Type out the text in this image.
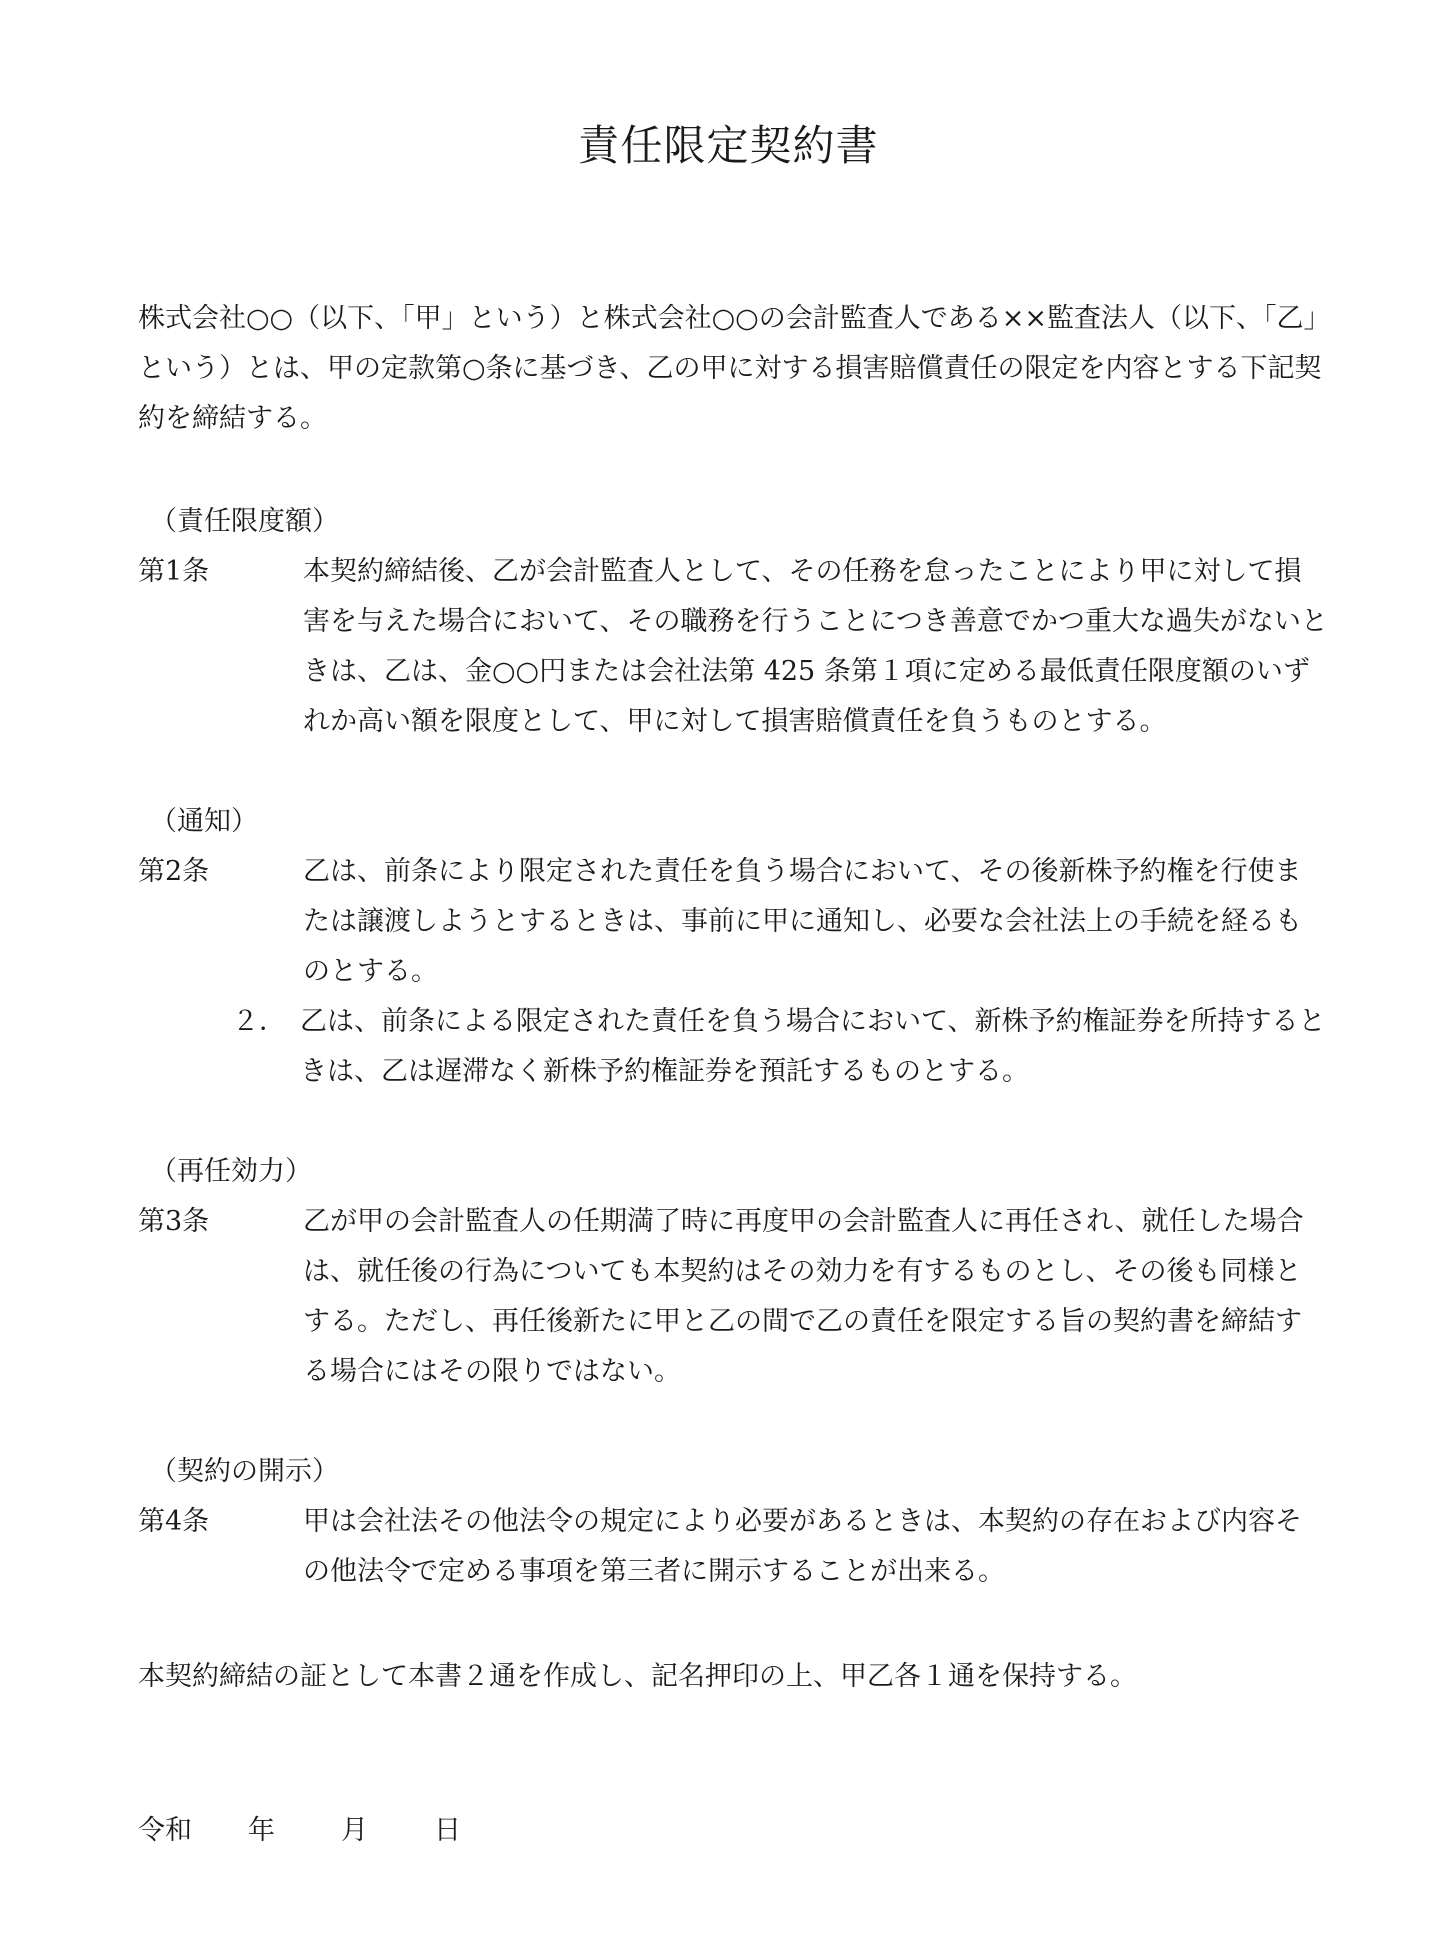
責任限定契約書
株式会社○○（以下、「甲」という）と株式会社○○の会計監査人である××監査法人（以下、「乙」という）とは、甲の定款第○条に基づき、乙の甲に対する損害賠償責任の限定を内容とする下記契約を締結する。
（責任限度額）
第1条	本契約締結後、乙が会計監査人として、その任務を怠ったことにより甲に対して損害を与えた場合において、その職務を行うことにつき善意でかつ重大な過失がないときは、乙は、金○○円または会社法第 425 条第１項に定める最低責任限度額のいずれか高い額を限度として、甲に対して損害賠償責任を負うものとする。
（通知）
第2条	乙は、前条により限定された責任を負う場合において、その後新株予約権を行使または譲渡しようとするときは、事前に甲に通知し、必要な会社法上の手続を経るものとする。
２． 乙は、前条による限定された責任を負う場合において、新株予約権証券を所持するときは、乙は遅滞なく新株予約権証券を預託するものとする。
（再任効力）
第3条	乙が甲の会計監査人の任期満了時に再度甲の会計監査人に再任され、就任した場合は、就任後の行為についても本契約はその効力を有するものとし、その後も同様とする。ただし、再任後新たに甲と乙の間で乙の責任を限定する旨の契約書を締結する場合にはその限りではない。
（契約の開示）
第4条	甲は会社法その他法令の規定により必要があるときは、本契約の存在および内容その他法令で定める事項を第三者に開示することが出来る。
本契約締結の証として本書２通を作成し、記名押印の上、甲乙各１通を保持する。
令和 年 月 日
